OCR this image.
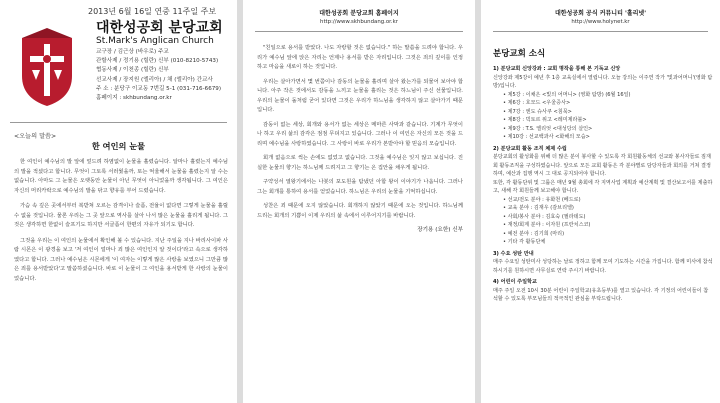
2013년 6월 16일 연중 11주일 주보
대한성공회 분당교회
St.Mark's Anglican Church
교구장 / 김근상 (바우로) 주교
관할사제 / 정기용 (힐란) 신부 (010-8210-5743)
협동사제 / 이천종 (힐란) 신부
선교사제 / 장지원 (엘리아) / 채 (엘리아) 간교사
주 소 : 분당구 이교동 7번길 5-1 (031-716-6679)
홈페이지 : skhbundang.or.kr
<오늘의 말씀>
한 여인의 눈물

한 여인이 예수님의 발 앞에 엎드려 하염없이 눈물을 흘렸습니다. 알마나 흘렸는지 예수님의 발을 적셨다고 합니다. 무엇이 그토록 서러웠을까, 또는 억울해서 눈물을 흘렸는지 알 수는 없습니다. 아마도 그 눈물은 오랫동안 눈물이 아닌 무엇이 아니었을까 생각됩니다. 그 여인은 자신의 머리카락으로 예수님의 발을 닦고 향유를 부어 드렸습니다.

가슴 속 깊은 곳에서부터 복받쳐 오르는 감격이나 슬픔, 전율이 없다면 그렇게 눈물을 흘릴 수 없을 것입니다. 물론 우리는 그 곳 앞으로 역사를 살아 나서 많은 눈물을 흘리게 됩니다. 그것은 생각하면 한없이 슬프기도 하지만 서글픔이 한편의 자유가 되기도 합니다.

그것을 우리는 이 여인의 눈물에서 확인해 볼 수 있습니다. 지난 주일을 지나 바리사이파 사람 시몬은 이 광경을 보고 '저 여인이 얼마나 죄 많은 여인인지 알 것이다'라고 속으로 생각하였다고 합니다. 그러나 예수님은 시몬에게 '이 여자는 이렇게 많은 사랑을 보였으니 그만큼 많은 죄를 용서받았다'고 말씀하셨습니다. 바로 이 눈물이 그 여인을 용서받게 한 사랑의 눈물이었습니다.

대한성공회 분당교회 홈페이지
http://www.skhbundang.or.kr

"친일으로 용서를 받았다. 나도 자랑할 것은 없습니다." 하는 말씀을 드려야 합니다. 우리가 예수님 앞에 앉은 자리는 언제나 용서를 받은 자리입니다. 그것은 죄의 깊이를 인정하고 마음을 새로이 하는 것입니다.

우리는 살아가면서 몇 번쯤이나 감동의 눈물을 흘리며 살아 왔는가를 되물어 보아야 합니다. 아주 작은 것에서도 감동을 느끼고 눈물을 흘리는 것은 하느님이 주신 선물입니다. 우리의 눈물이 돌처럼 굳어 있다면 그것은 우리가 하느님을 생각하지 않고 살아가기 때문입니다.

감동이 없는 세상, 회개와 용서가 없는 세상은 메마른 사막과 같습니다. 기계가 무엇이나 하고 우리 삶의 감각은 점점 무뎌지고 있습니다. 그러나 이 여인은 자신의 모든 것을 드리며 예수님을 사랑하였습니다. 그 사랑이 바로 우리가 본받아야 할 믿음의 모습입니다.

회개 없음으로 썩는 손에도 없었고 없습니다. 그것을 예수님은 잊지 않고 보십니다. 진실한 눈물의 향기는 하느님께 드려지고 그 향기는 온 집안을 채우게 됩니다.

구약성서 열왕기에서는 나봇의 포도원을 탐냈던 아합 왕이 이야기가 나옵니다. 그러나 그는 회개를 통하여 용서를 얻었습니다. 하느님은 우리의 눈물을 기억하십니다.

성찬은 죄 때문에 오지 않았습니다. 회개하지 않았기 때문에 오는 것입니다. 하느님께 드리는 회개의 기쁨이 이제 우리의 삶 속에서 이루어지기를 바랍니다.

장기용 (요한) 신부
대한성공회 공식 커뮤니티 '홀리넷'
http://www.holynet.kr
분당교회 소식
1) 분당교회 신앙강좌 : 교회 명작을 통해 본 기독교 신앙

신앙강좌 제5강이 예년 후 1층 교육실에서 열립니다. 오늘 강의는 이주연 작가 '빛과어머니'(영화 탐방)입니다.

• 제5강 : 이채은 <빛의 어머니> (영화 탐방) (6월 16일)
• 제6강 : 호모드 <우울증사>
• 제7강 : 엔도 슈사쿠 <침묵>
• 제8강 : 빅토르 위고 <레미제라블>
• 제9강 : T.S. 엘리엇 <대성당의 살인>
• 제10강 : 선교백과사 <화해의 모습>
2) 분당교회 활동 조직 체제 수립

분당교회의 활성화를 위해 더 많은 분이 봉사할 수 있도록 각 회원활동체의 선교와 봉사자들로 짐재 회 활동조직을 구성하였습니다. 앞으로 모든 교회 활동은 각 분야별로 담당자들과 회의를 거쳐 결정하며, 예산과 집행 역시 그 대로 공지되어야 합니다.

또한, 각 활동단위 및 그룹은 매년 9월 총회에 각 지역사업 계획과 예산계획 및 결산보고서를 제출하고, 새해 각 회원들께 보고해야 합니다.

• 선교/전도 분야 : 유화천 (베드로)
• 교육 분야 : 김재우 (감브리엘)
• 사회/봉사 분야 : 김효숙 (필라데도)
• 재정/회계 분야 : 이자원 (프란치스코)
• 예전 분야 : 김기희 (마리)
• 기타 각 활동단체
3) 수요 성탄 만내

매주 수요일 성탄미사 성당하는 날로 정하고 함께 모여 기도하는 시간을 가집니다. 함께 미사에 참석하시기를 원하시면 사무실로 연락 주시기 바랍니다.

4) 어린이 주일학교

매주 주일 오전 10시 30분 어린이 주일학교(유초등부)를 열고 있습니다. 각 기정의 어린이들이 참석할 수 있도록 부모님들의 적극적인 관심을 부탁드립니다.
